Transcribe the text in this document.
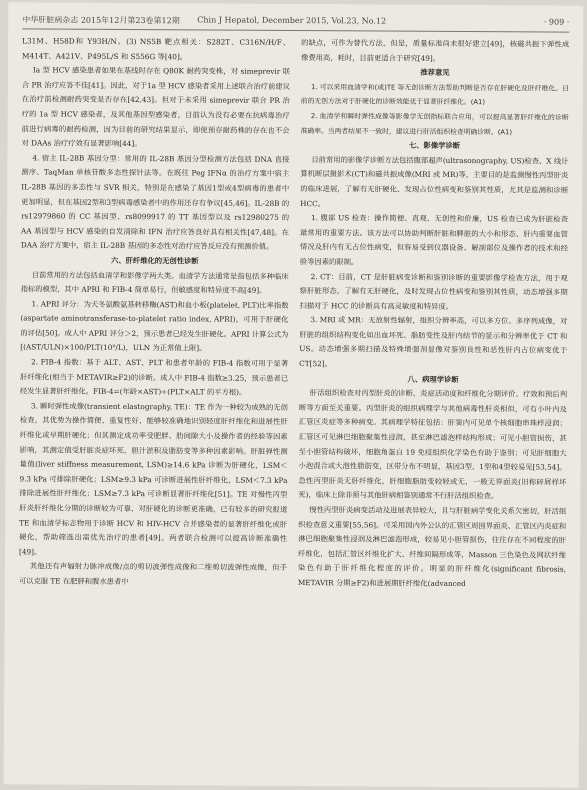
中华肝脏病杂志 2015年12月第23卷第12期 Chin J Hepatol, December 2015, Vol.23, No.12	· 909 ·

L31M、H58D和 Y93H/N。(3) NS5B 靶点相关：S282T、C316N/H/F、M414T、A421V、P495L/S 和 S556G 等[40]。

Ia 型 HCV 感染患者如果在基线时存在 Q80K 耐药突变株，对 simeprevir 联合 PR 治疗应答不佳[41]。因此，对于1a 型 HCV 感染者采用上述联合治疗前建议在治疗前检测耐药突变是否存在[42,43]。但对于未采用 simeprevir 联合 PR 治疗的 1a 型 HCV 感染者，及其他基因型感染者，目前认为没有必要在抗病毒治疗前进行病毒的耐药检测，因为目前的研究结果显示，即使预存耐药株的存在也不会对 DAAs 治疗疗效有显著影响[44]。

4. 宿主 IL-28B 基因分型：常用的 IL-28B 基因分型检测方法包括 DNA 直接测序、TaqMan 单核苷酸多态性探针法等。在既往 Peg IFNα 的治疗方案中宿主 IL-28B 基因的多态性与 SVR 相关，特别是在感染了基因1型或4型病毒的患者中更加明显，但在基因2型和3型病毒感染者中的作用还存有争议[45,46]。IL-28B 的 rs12979860 的 CC 基因型、rs8099917 的 TT 基因型以及 rs12980275 的 AA 基因型与 HCV 感染的自发清除和 IFN 治疗应答良好具有相关性[47,48]。在 DAA 治疗方案中，宿主 IL-28B 基因的多态性对治疗应答反应没有预测价值。

六、肝纤维化的无创性诊断

目前常用的方法包括血清学和影像学两大类。血清学方法通常是指包括多种临床指标的模型，其中 APRI 和 FIB-4 简单易行，但敏感度和特异度不高[49]。

1. APRI 评分：为天冬氨酸氨基转移酶(AST)和血小板(platelet, PLT)比率指数(aspartate aminotransferase-to-platelet ratio index, APRI)，可用于肝硬化的评估[50]。成人中 APRI 评分＞2，预示患者已经发生肝硬化。APRI 计算公式为[(AST/ULN)×100/PLT(10⁹/L)，ULN 为正常值上限]。

2. FIB-4 指数：基于 ALT、AST、PLT 和患者年龄的 FIB-4 指数可用于显著肝纤维化(相当于 METAVIR≥F2)的诊断。成人中 FIB-4 指数≥3.25，预示患者已经发生显著肝纤维化。FIB-4=(年龄×AST)÷(PLT×ALT 的平方根)。

3. 瞬时弹性成像(transient elastography, TE)：TE 作为一种较为成熟的无创检查，其优势为操作简便、重复性好，能够较准确地识别轻度肝纤维化和进展性肝纤维化或早期肝硬化；但其测定成功率受肥胖、肋间隙大小及操作者的经验等因素影响，其测定值受肝脏炎症坏死、胆汁淤积及脂肪变等多种因素影响。肝脏弹性测量值(liver stiffness measurement, LSM)≥14.6 kPa 诊断为肝硬化，LSM＜9.3 kPa 可排除肝硬化；LSM≥9.3 kPa 可诊断进展性肝纤维化，LSM＜7.3 kPa 排除进展性肝纤维化；LSM≥7.3 kPa 可诊断显著肝纤维化[51]。TE 对慢性丙型肝炎肝纤维化分期的诊断较为可靠，对肝硬化的诊断更准确，已有较多的研究报道 TE 和血清学标志物用于诊断 HCV 和 HIV-HCV 合并感染者的显著肝纤维化或肝硬化，帮助筛选出需优先治疗的患者[49]。两者联合检测可以提高诊断准确性[49]。

其他还有声辐射力脉冲成像/点的剪切波弹性成像和二维剪切波弹性成像，但手可以克服 TE 在肥胖和腹水患者中

的缺点，可作为替代方法，但是，质量标准尚未很好建立[49]，核磁共振下弹性成像费用高，耗时，目前更适合于研究[49]。

推荐意见

1. 可以采用血清学和(或)TE 等无创诊断方法帮助判断是否存在肝硬化及肝纤维化。目前的无创方法对于肝硬化的诊断效能优于显著肝纤维化。(A1)

2. 血清学和瞬时弹性成像等影像学无创指标联合应用，可以提高显著肝纤维化的诊断准确率。当两者结果不一致时，建议进行肝活组织检查明确诊断。(A1)

七、影像学诊断

目前常用的影像学诊断方法包括腹部超声(ultrasonography, US)检查、X 线计算机断层摄影术(CT)和磁共振成像(MRI 或 MR)等，主要目的是监测慢性丙型肝炎的临床进展，了解有无肝硬化、发现占位性病变和鉴别其性质，尤其是监测和诊断 HCC。

1. 腹部 US 检查：操作简便、直观、无创性和价廉，US 检查已成为肝脏检查最常用的重要方法。该方法可以协助判断肝脏和脾脏的大小和形态、肝内重要血管情况及肝内有无占位性病变，但容易受到仪器设备、解剖部位及操作者的技术和经验等因素的限制。

2. CT：目前，CT 是肝脏病变诊断和鉴别诊断的重要影像学检查方法，用于观察肝脏形态，了解有无肝硬化，及时发现占位性病变和鉴别其性质，动态增强多期扫描对于 HCC 的诊断具有高灵敏度和特异度。

3. MRI 或 MR：无放射性辐射，组织分辨率高，可以多方位、多序列成像，对肝脏的组织结构变化如出血坏死、脂肪变性及肝内结节的显示和分辨率优于 CT 和 US。动态增强多期扫描及特殊增强剂显像对鉴别良性和恶性肝内占位病变优于 CT[52]。

八、病理学诊断

肝活组织检查对丙型肝炎的诊断、炎症活动度和纤维化分期评价、疗效和预后判断等方面至关重要。丙型肝炎的组织病理学与其他病毒性肝炎相似，可有小叶内及汇管区炎症等多种病变。其病理学特征包括：肝窦内可见单个核细胞串珠样浸润；汇管区可见淋巴细胞聚集性浸润，甚至淋巴滤泡样结构形成；可见小胆管损伤，甚至小胆管结构破坏，细胞角蛋白 19 免疫组织化学染色有助于鉴别；可见肝细胞大小泡混合或大泡性脂肪变，区带分布不明显，基因3型、1型和4型较易见[53,54]。急性丙型肝炎无肝纤维化，肝细胞脂肪变较轻或无，一般无界面炎(旧称碎屑样坏死)，临床上除非须与其他肝病相鉴别通常不行肝活组织检查。

慢性丙型肝炎病变活动及进展表异较大，且与肝脏病学变化关系欠密切，肝活组织检查意义重要[55,56]。可采用国内外公认的汇管区周围界面炎、汇管区内炎症和淋巴细胞聚集性浸润及淋巴滤泡形成，较易见小胆管损伤，往往存在不同程度的肝纤维化，包括汇管区纤维化扩大、纤维间隔形成等，Masson 三色染色及网状纤维染色有助于肝纤维化程度的评价。明显的肝纤维化(significant fibrosis, METAVIR 分期≥F2)和进展期肝纤维化(advanced
